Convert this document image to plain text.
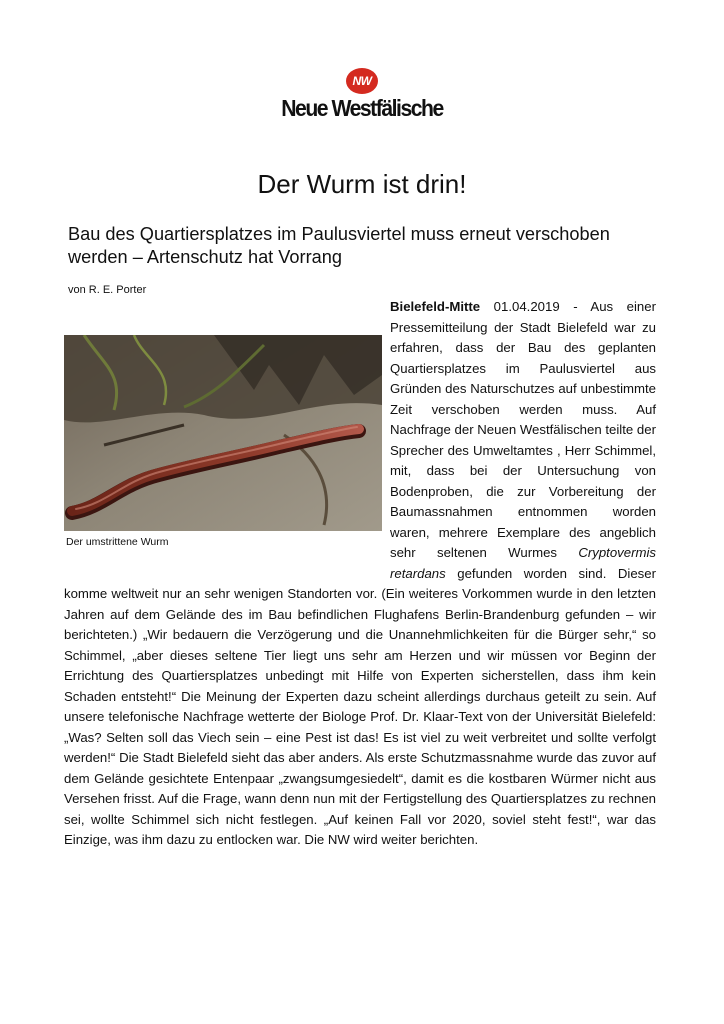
NW
Neue Westfälische
Der Wurm ist drin!
Bau des Quartiersplatzes im Paulusviertel muss erneut verschoben werden – Artenschutz hat Vorrang
von R. E. Porter
Der umstrittene Wurm

Bielefeld-Mitte 01.04.2019 - Aus einer Pressemitteilung der Stadt Bielefeld war zu erfahren, dass der Bau des geplanten Quartiersplatzes im Paulusviertel aus Gründen des Naturschutzes auf unbestimmte Zeit verschoben werden muss. Auf Nachfrage der Neuen Westfälischen teilte der Sprecher des Umweltamtes , Herr Schimmel, mit, dass bei der Untersuchung von Bodenproben, die zur Vorbereitung der Baumassnahmen entnommen worden waren, mehrere Exemplare des angeblich sehr seltenen Wurmes Cryptovermis retardans gefunden worden sind. Dieser komme weltweit nur an sehr wenigen Standorten vor. (Ein weiteres Vorkommen wurde in den letzten Jahren auf dem Gelände des im Bau befindlichen Flughafens Berlin-Brandenburg gefunden – wir berichteten.) „Wir bedauern die Verzögerung und die Unannehmlichkeiten für die Bürger sehr,“ so Schimmel, „aber dieses seltene Tier liegt uns sehr am Herzen und wir müssen vor Beginn der Errichtung des Quartiersplatzes unbedingt mit Hilfe von Experten sicherstellen, dass ihm kein Schaden entsteht!“ Die Meinung der Experten dazu scheint allerdings durchaus geteilt zu sein. Auf unsere telefonische Nachfrage wetterte der Biologe Prof. Dr. Klaar-Text von der Universität Bielefeld: „Was? Selten soll das Viech sein – eine Pest ist das! Es ist viel zu weit verbreitet und sollte verfolgt werden!“ Die Stadt Bielefeld sieht das aber anders. Als erste Schutzmassnahme wurde das zuvor auf dem Gelände gesichtete Entenpaar „zwangsumgesiedelt“, damit es die kostbaren Würmer nicht aus Versehen frisst. Auf die Frage, wann denn nun mit der Fertigstellung des Quartiersplatzes zu rechnen sei, wollte Schimmel sich nicht festlegen. „Auf keinen Fall vor 2020, soviel steht fest!“, war das Einzige, was ihm dazu zu entlocken war. Die NW wird weiter berichten.
